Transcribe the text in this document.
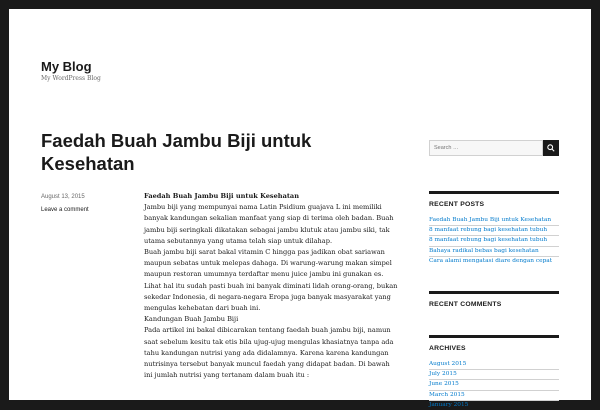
My Blog
My WordPress Blog
Faedah Buah Jambu Biji untuk Kesehatan
August 13, 2015
Leave a comment

Faedah Buah Jambu Biji untuk Kesehatan

Jambu biji yang mempunyai nama Latin Psidium guajava L ini memiliki banyak kandungan sekalian manfaat yang siap di terima oleh badan. Buah jambu biji seringkali dikatakan sebagai jambu klutuk atau jambu siki, tak utama sebutannya yang utama telah siap untuk dilahap.

Buah jambu biji sarat bakal vitamin C hingga pas jadikan obat sariawan maupun sebatas untuk melepas dahaga. Di warung-warung makan simpel maupun restoran umumnya terdaftar menu juice jambu ini gunakan es. Lihat hal itu sudah pasti buah ini banyak diminati lidah orang-orang, bukan sekedar Indonesia, di negara-negara Eropa juga banyak masyarakat yang mengulas kehebatan dari buah ini.

Kandungan Buah Jambu Biji

Pada artikel ini bakal dibicarakan tentang faedah buah jambu biji, namun saat sebelum kesitu tak etis bila ujug-ujug mengulas khasiatnya tanpa ada tahu kandungan nutrisi yang ada didalamnya. Karena karena kandungan nutrisinya tersebut banyak muncul faedah yang didapat badan. Di bawah ini jumlah nutrisi yang tertanam dalam buah itu :

Search …
RECENT POSTS
Faedah Buah Jambu Biji untuk Kesehatan
8 manfaat rebung bagi kesehatan tubuh
8 manfaat rebung bagi kesehatan tubuh
Bahaya radikal bebas bagi kesehatan
Cara alami mengatasi diare dengan cepat
RECENT COMMENTS
ARCHIVES
August 2015
July 2015
June 2015
March 2015
January 2015
